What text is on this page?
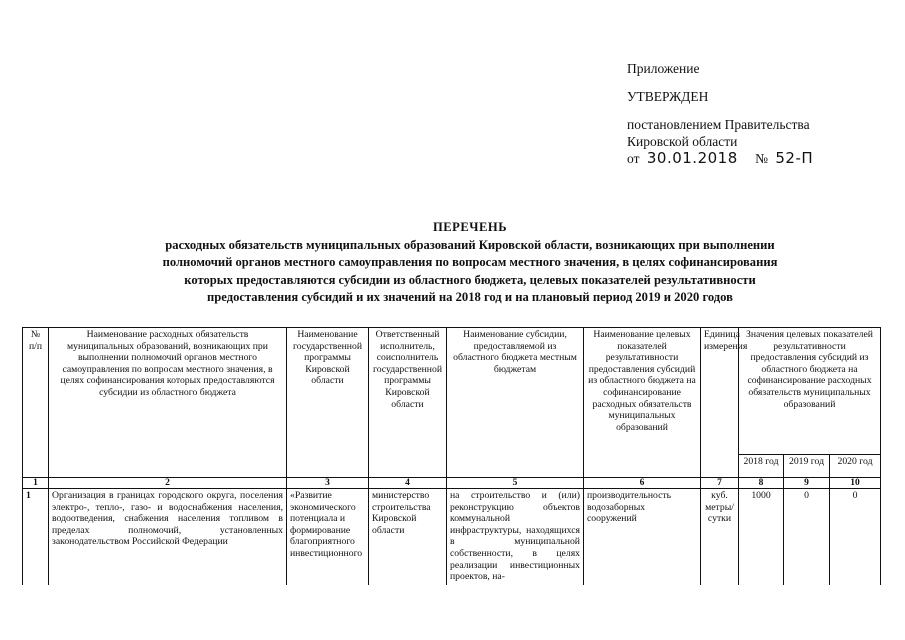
Приложение
УТВЕРЖДЕН
постановлением Правительства
Кировской области
от 30.01.2018 № 52-П
ПЕРЕЧЕНЬ
расходных обязательств муниципальных образований Кировской области, возникающих при выполнении
полномочий органов местного самоуправления по вопросам местного значения, в целях софинансирования
которых предоставляются субсидии из областного бюджета, целевых показателей результативности
предоставления субсидий и их значений на 2018 год и на плановый период 2019 и 2020 годов
№ п/п	Наименование расходных обязательств муниципальных образований, возникающих при выполнении полномочий органов местного самоуправления по вопросам местного значения, в целях софинансирования которых предоставляются субсидии из областного бюджета	Наименование государственной программы Кировской области	Ответственный исполнитель, соисполнитель государственной программы Кировской области	Наименование субсидии, предоставляемой из областного бюджета местным бюджетам	Наименование целевых показателей результативности предоставления субсидий из областного бюджета на софинансирование расходных обязательств муниципальных образований	Единица измерения	Значения целевых показателей результативности предоставления субсидий из областного бюджета на софинансирование расходных обязательств муниципальных образований		
							2018 год	2019 год	2020 год
1	2	3	4	5	6	7	8	9	10
1	Организация в границах городского округа, поселения электро-, тепло-, газо- и водоснабжения населения, водоотведения, снабжения населения топливом в пределах полномочий, установленных законодательством Российской Федерации	«Развитие экономического потенциала и формирование благоприятного инвестиционного	министерство строительства Кировской области	на строительство и (или) реконструкцию объектов коммунальной инфраструктуры, находящихся в муниципальной собственности, в целях реализации инвестиционных проектов, на-	производительность водозаборных сооружений	куб. метры/ сутки	1000	0	0
